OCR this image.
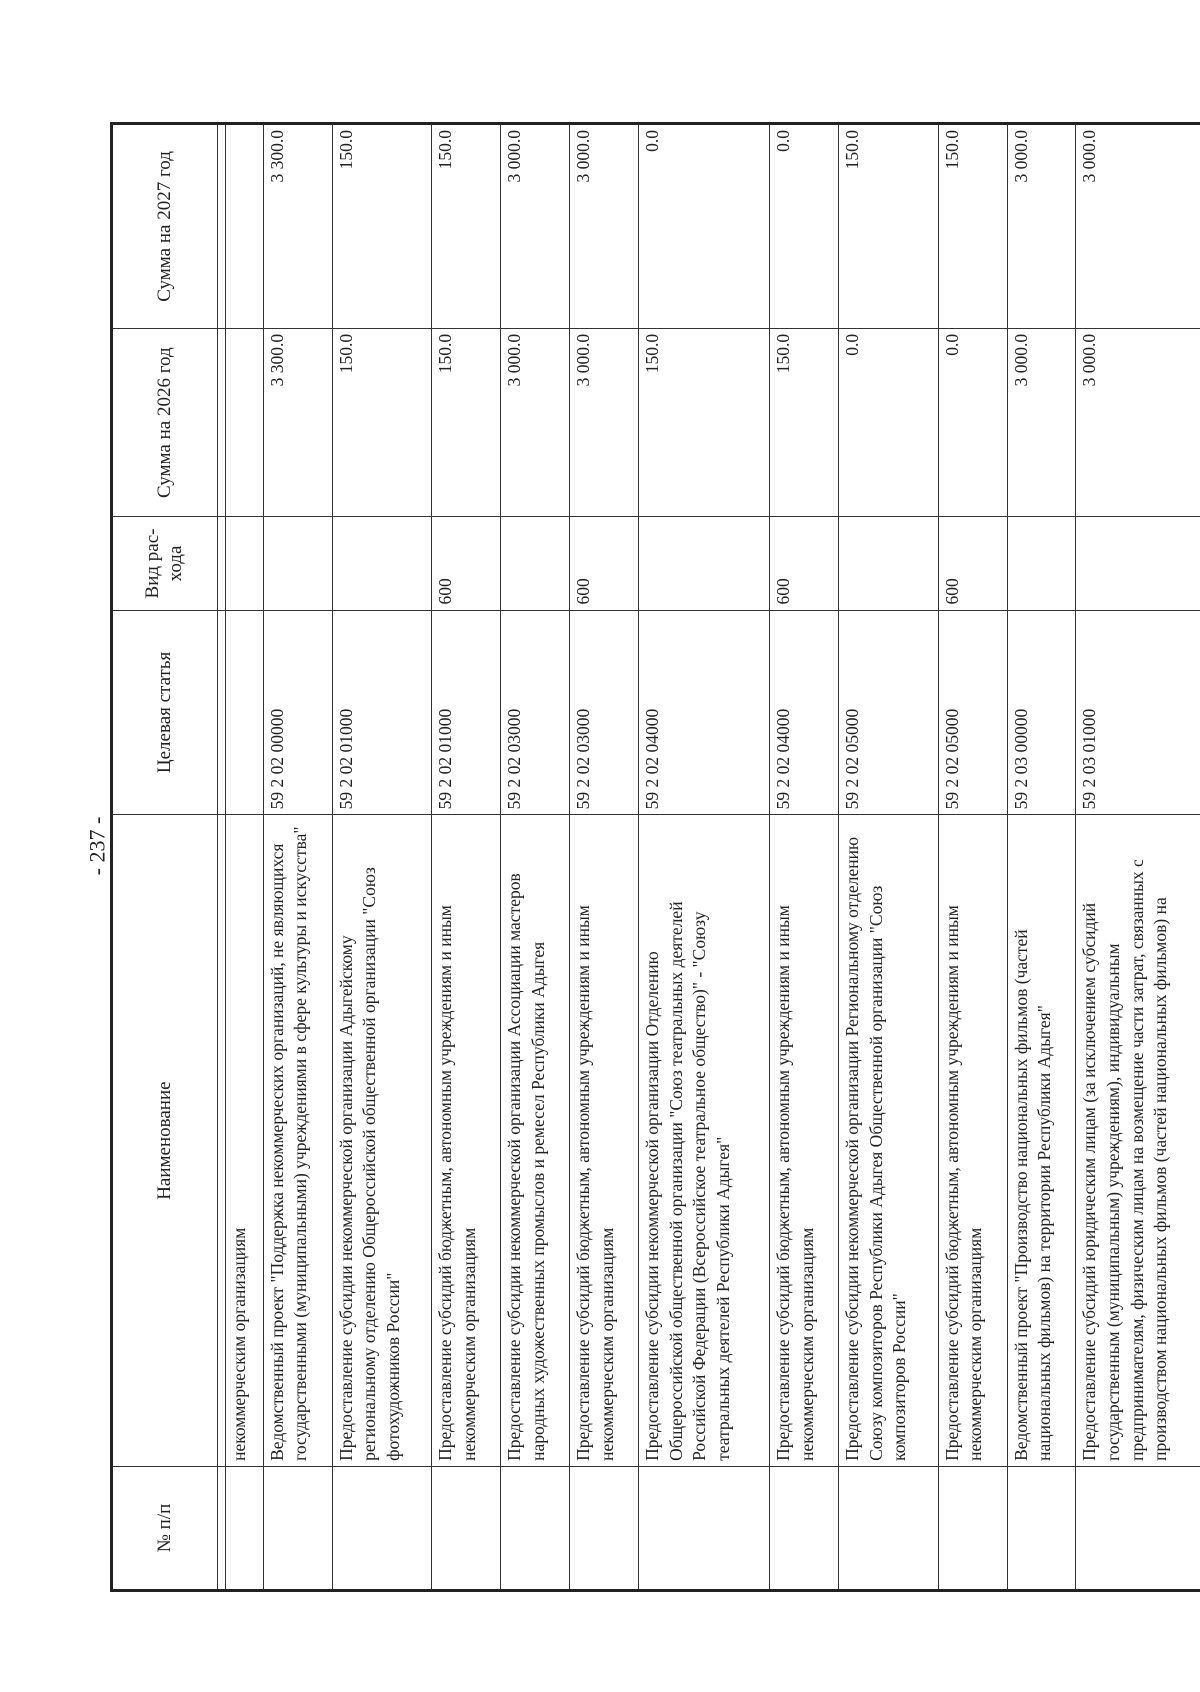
- 237 -
№ п/п	Наименование	Целевая статья	Вид рас-хода	Сумма на 2026 год	Сумма на 2027 год

	некоммерческим организациям				
	Ведомственный проект "Поддержка некоммерческих организаций, не являющихся государственными (муниципальными) учреждениями в сфере культуры и искусства"	59 2 02 00000		3 300.0	3 300.0
	Предоставление субсидии некоммерческой организации Адыгейскому региональному отделению Общероссийской общественной организации "Союз фотохудожников России"	59 2 02 01000		150.0	150.0
	Предоставление субсидий бюджетным, автономным учреждениям и иным некоммерческим организациям	59 2 02 01000	600	150.0	150.0
	Предоставление субсидии некоммерческой организации Ассоциации мастеров народных художественных промыслов и ремесел Республики Адыгея	59 2 02 03000		3 000.0	3 000.0
	Предоставление субсидий бюджетным, автономным учреждениям и иным некоммерческим организациям	59 2 02 03000	600	3 000.0	3 000.0
	Предоставление субсидии некоммерческой организации Отделению Общероссийской общественной организации "Союз театральных деятелей Российской Федерации (Всероссийское театральное общество)" - "Союзу театральных деятелей Республики Адыгея"	59 2 02 04000		150.0	0.0
	Предоставление субсидий бюджетным, автономным учреждениям и иным некоммерческим организациям	59 2 02 04000	600	150.0	0.0
	Предоставление субсидии некоммерческой организации Региональному отделению Союзу композиторов Республики Адыгея Общественной организации "Союз композиторов России"	59 2 02 05000		0.0	150.0
	Предоставление субсидий бюджетным, автономным учреждениям и иным некоммерческим организациям	59 2 02 05000	600	0.0	150.0
	Ведомственный проект "Производство национальных фильмов (частей национальных фильмов) на территории Республики Адыгея"	59 2 03 00000		3 000.0	3 000.0
	Предоставление субсидий юридическим лицам (за исключением субсидий государственным (муниципальным) учреждениям), индивидуальным предпринимателям, физическим лицам на возмещение части затрат, связанных с производством национальных фильмов (частей национальных фильмов) на	59 2 03 01000		3 000.0	3 000.0
